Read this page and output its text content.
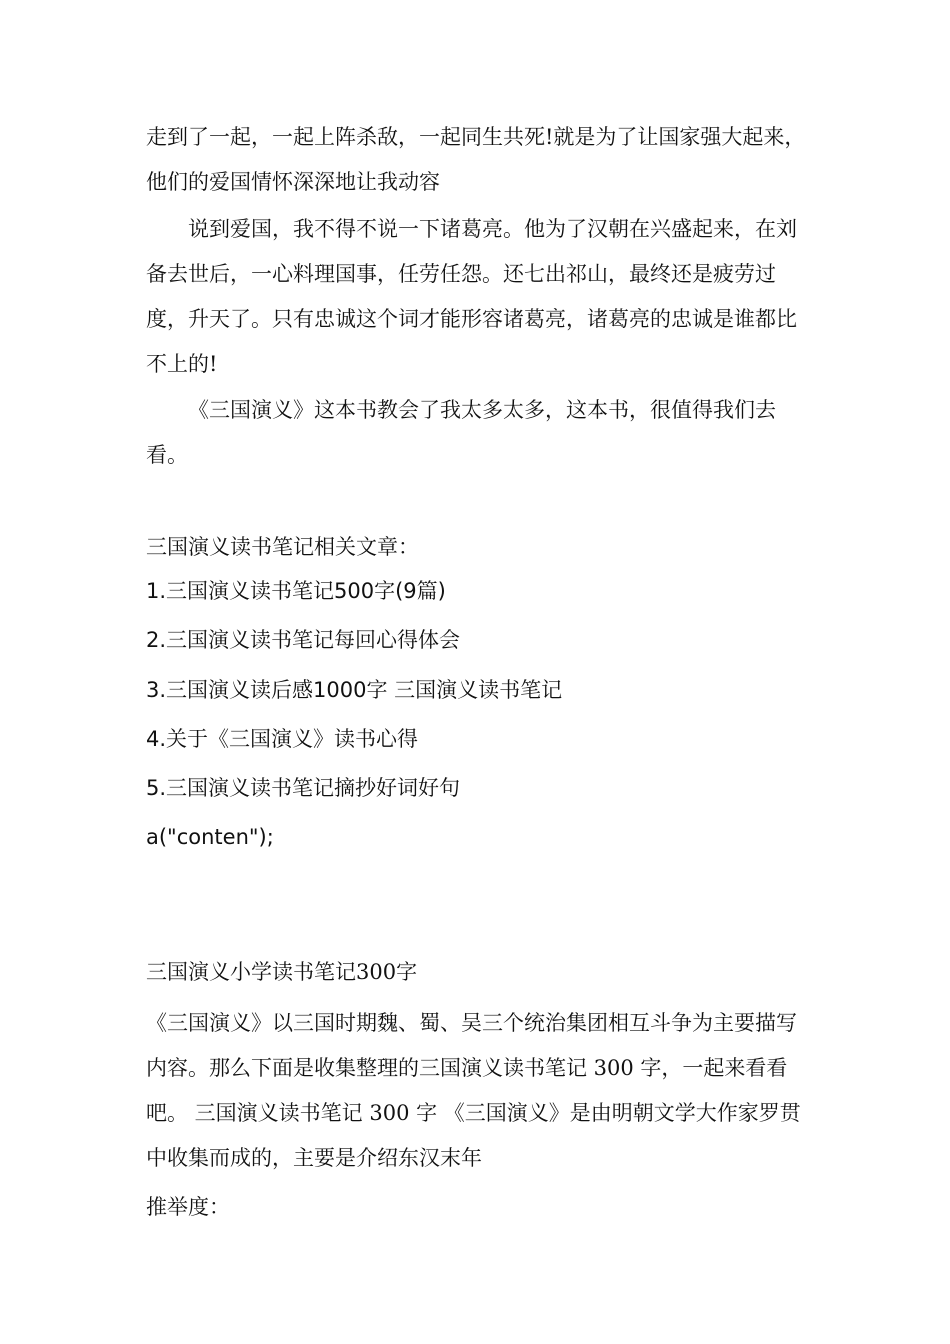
走到了一起，一起上阵杀敌，一起同生共死!就是为了让国家强大起来，他们的爱国情怀深深地让我动容

说到爱国，我不得不说一下诸葛亮。他为了汉朝在兴盛起来，在刘备去世后，一心料理国事，任劳任怨。还七出祁山，最终还是疲劳过度，升天了。只有忠诚这个词才能形容诸葛亮，诸葛亮的忠诚是谁都比不上的!

《三国演义》这本书教会了我太多太多，这本书，很值得我们去看。

三国演义读书笔记相关文章：

1.三国演义读书笔记500字(9篇)

2.三国演义读书笔记每回心得体会

3.三国演义读后感1000字 三国演义读书笔记

4.关于《三国演义》读书心得

5.三国演义读书笔记摘抄好词好句

a("conten");

三国演义小学读书笔记300字

《三国演义》以三国时期魏、蜀、吴三个统治集团相互斗争为主要描写内容。那么下面是收集整理的三国演义读书笔记 300 字，一起来看看吧。 三国演义读书笔记 300 字 《三国演义》是由明朝文学大作家罗贯中收集而成的，主要是介绍东汉末年

推举度：
